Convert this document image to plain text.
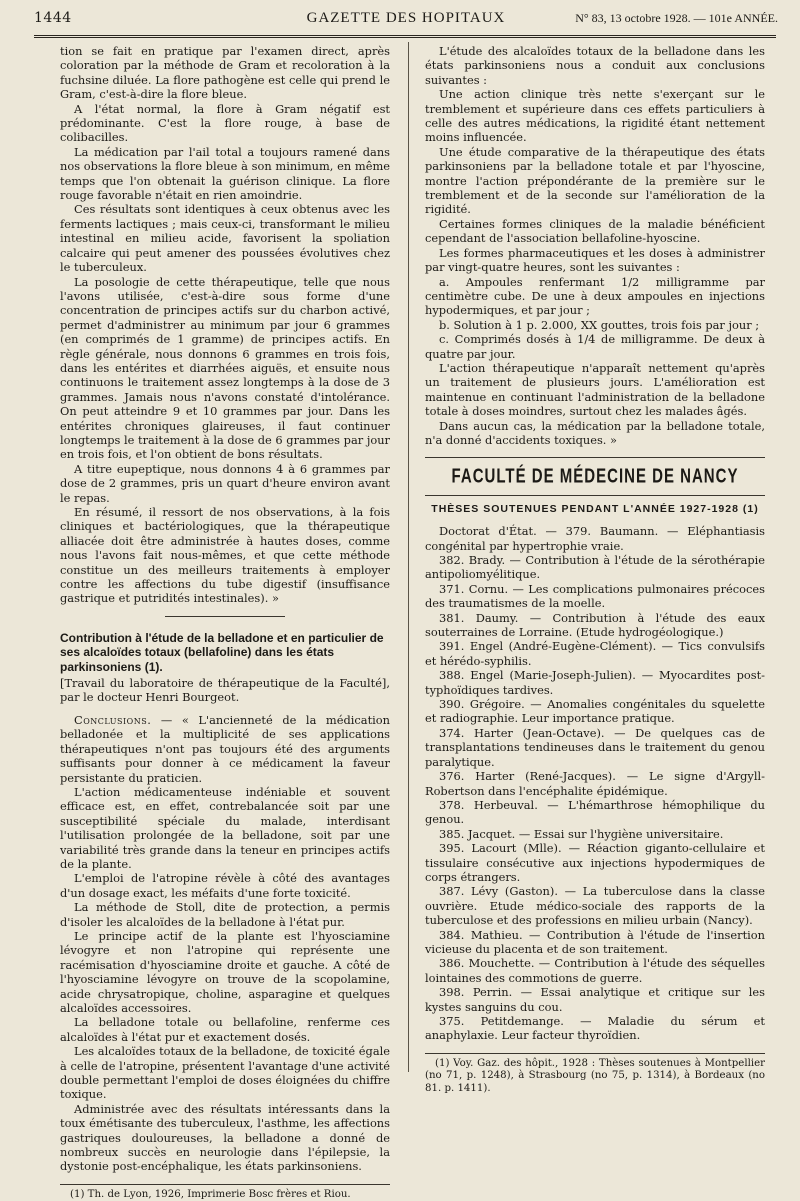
1444	GAZETTE DES HOPITAUX	N° 83, 13 octobre 1928. — 101e ANNÉE.

tion se fait en pratique par l'examen direct, après coloration par la méthode de Gram et recoloration à la fuchsine diluée. La flore pathogène est celle qui prend le Gram, c'est-à-dire la flore bleue.

A l'état normal, la flore à Gram négatif est prédominante. C'est la flore rouge, à base de colibacilles.

La médication par l'ail total a toujours ramené dans nos observations la flore bleue à son minimum, en même temps que l'on obtenait la guérison clinique. La flore rouge favorable n'était en rien amoindrie.

Ces résultats sont identiques à ceux obtenus avec les ferments lactiques ; mais ceux-ci, transformant le milieu intestinal en milieu acide, favorisent la spoliation calcaire qui peut amener des poussées évolutives chez le tuberculeux.

La posologie de cette thérapeutique, telle que nous l'avons utilisée, c'est-à-dire sous forme d'une concentration de principes actifs sur du charbon activé, permet d'administrer au minimum par jour 6 grammes (en comprimés de 1 gramme) de principes actifs. En règle générale, nous donnons 6 grammes en trois fois, dans les entérites et diarrhées aiguës, et ensuite nous continuons le traitement assez longtemps à la dose de 3 grammes. Jamais nous n'avons constaté d'intolérance. On peut atteindre 9 et 10 grammes par jour. Dans les entérites chroniques glaireuses, il faut continuer longtemps le traitement à la dose de 6 grammes par jour en trois fois, et l'on obtient de bons résultats.

A titre eupeptique, nous donnons 4 à 6 grammes par dose de 2 grammes, pris un quart d'heure environ avant le repas.

En résumé, il ressort de nos observations, à la fois cliniques et bactériologiques, que la thérapeutique alliacée doit être administrée à hautes doses, comme nous l'avons fait nous-mêmes, et que cette méthode constitue un des meilleurs traitements à employer contre les affections du tube digestif (insuffisance gastrique et putridités intestinales). »

Contribution à l'étude de la belladone et en particulier de ses alcaloïdes totaux (bellafoline) dans les états parkinsoniens (1).

[Travail du laboratoire de thérapeutique de la Faculté], par le docteur Henri Bourgeot.

Conclusions. — « L'ancienneté de la médication belladonée et la multiplicité de ses applications thérapeutiques n'ont pas toujours été des arguments suffisants pour donner à ce médicament la faveur persistante du praticien.

L'action médicamenteuse indéniable et souvent efficace est, en effet, contrebalancée soit par une susceptibilité spéciale du malade, interdisant l'utilisation prolongée de la belladone, soit par une variabilité très grande dans la teneur en principes actifs de la plante.

L'emploi de l'atropine révèle à côté des avantages d'un dosage exact, les méfaits d'une forte toxicité.

La méthode de Stoll, dite de protection, a permis d'isoler les alcaloïdes de la belladone à l'état pur.

Le principe actif de la plante est l'hyosciamine lévogyre et non l'atropine qui représente une racémisation d'hyosciamine droite et gauche. A côté de l'hyosciamine lévogyre on trouve de la scopolamine, acide chrysatropique, choline, asparagine et quelques alcaloïdes accessoires.

La belladone totale ou bellafoline, renferme ces alcaloïdes à l'état pur et exactement dosés.

Les alcaloïdes totaux de la belladone, de toxicité égale à celle de l'atropine, présentent l'avantage d'une activité double permettant l'emploi de doses éloignées du chiffre toxique.

Administrée avec des résultats intéressants dans la toux émétisante des tuberculeux, l'asthme, les affections gastriques douloureuses, la belladone a donné de nombreux succès en neurologie dans l'épilepsie, la dystonie post-encéphalique, les états parkinsoniens.

(1) Th. de Lyon, 1926, Imprimerie Bosc frères et Riou.

L'étude des alcaloïdes totaux de la belladone dans les états parkinsoniens nous a conduit aux conclusions suivantes :

Une action clinique très nette s'exerçant sur le tremblement et supérieure dans ces effets particuliers à celle des autres médications, la rigidité étant nettement moins influencée.

Une étude comparative de la thérapeutique des états parkinsoniens par la belladone totale et par l'hyoscine, montre l'action prépondérante de la première sur le tremblement et de la seconde sur l'amélioration de la rigidité.

Certaines formes cliniques de la maladie bénéficient cependant de l'association bellafoline-hyoscine.

Les formes pharmaceutiques et les doses à administrer par vingt-quatre heures, sont les suivantes :

a. Ampoules renfermant 1/2 milligramme par centimètre cube. De une à deux ampoules en injections hypodermiques, et par jour ;

b. Solution à 1 p. 2.000, XX gouttes, trois fois par jour ;

c. Comprimés dosés à 1/4 de milligramme. De deux à quatre par jour.

L'action thérapeutique n'apparaît nettement qu'après un traitement de plusieurs jours. L'amélioration est maintenue en continuant l'administration de la belladone totale à doses moindres, surtout chez les malades âgés.

Dans aucun cas, la médication par la belladone totale, n'a donné d'accidents toxiques. »

FACULTÉ DE MÉDECINE DE NANCY
THÈSES SOUTENUES PENDANT L'ANNÉE 1927-1928 (1)

Doctorat d'État. — 379. Baumann. — Eléphantiasis congénital par hypertrophie vraie.

382. Brady. — Contribution à l'étude de la sérothérapie antipoliomyélitique.

371. Cornu. — Les complications pulmonaires précoces des traumatismes de la moelle.

381. Daumy. — Contribution à l'étude des eaux souterraines de Lorraine. (Etude hydrogéologique.)

391. Engel (André-Eugène-Clément). — Tics convulsifs et hérédo-syphilis.

388. Engel (Marie-Joseph-Julien). — Myocardites post-typhoïdiques tardives.

390. Grégoire. — Anomalies congénitales du squelette et radiographie. Leur importance pratique.

374. Harter (Jean-Octave). — De quelques cas de transplantations tendineuses dans le traitement du genou paralytique.

376. Harter (René-Jacques). — Le signe d'Argyll-Robertson dans l'encéphalite épidémique.

378. Herbeuval. — L'hémarthrose hémophilique du genou.

385. Jacquet. — Essai sur l'hygiène universitaire.

395. Lacourt (Mlle). — Réaction giganto-cellulaire et tissulaire consécutive aux injections hypodermiques de corps étrangers.

387. Lévy (Gaston). — La tuberculose dans la classe ouvrière. Etude médico-sociale des rapports de la tuberculose et des professions en milieu urbain (Nancy).

384. Mathieu. — Contribution à l'étude de l'insertion vicieuse du placenta et de son traitement.

386. Mouchette. — Contribution à l'étude des séquelles lointaines des commotions de guerre.

398. Perrin. — Essai analytique et critique sur les kystes sanguins du cou.

375. Petitdemange. — Maladie du sérum et anaphylaxie. Leur facteur thyroïdien.

(1) Voy. Gaz. des hôpit., 1928 : Thèses soutenues à Montpellier (no 71, p. 1248), à Strasbourg (no 75, p. 1314), à Bordeaux (no 81. p. 1411).
